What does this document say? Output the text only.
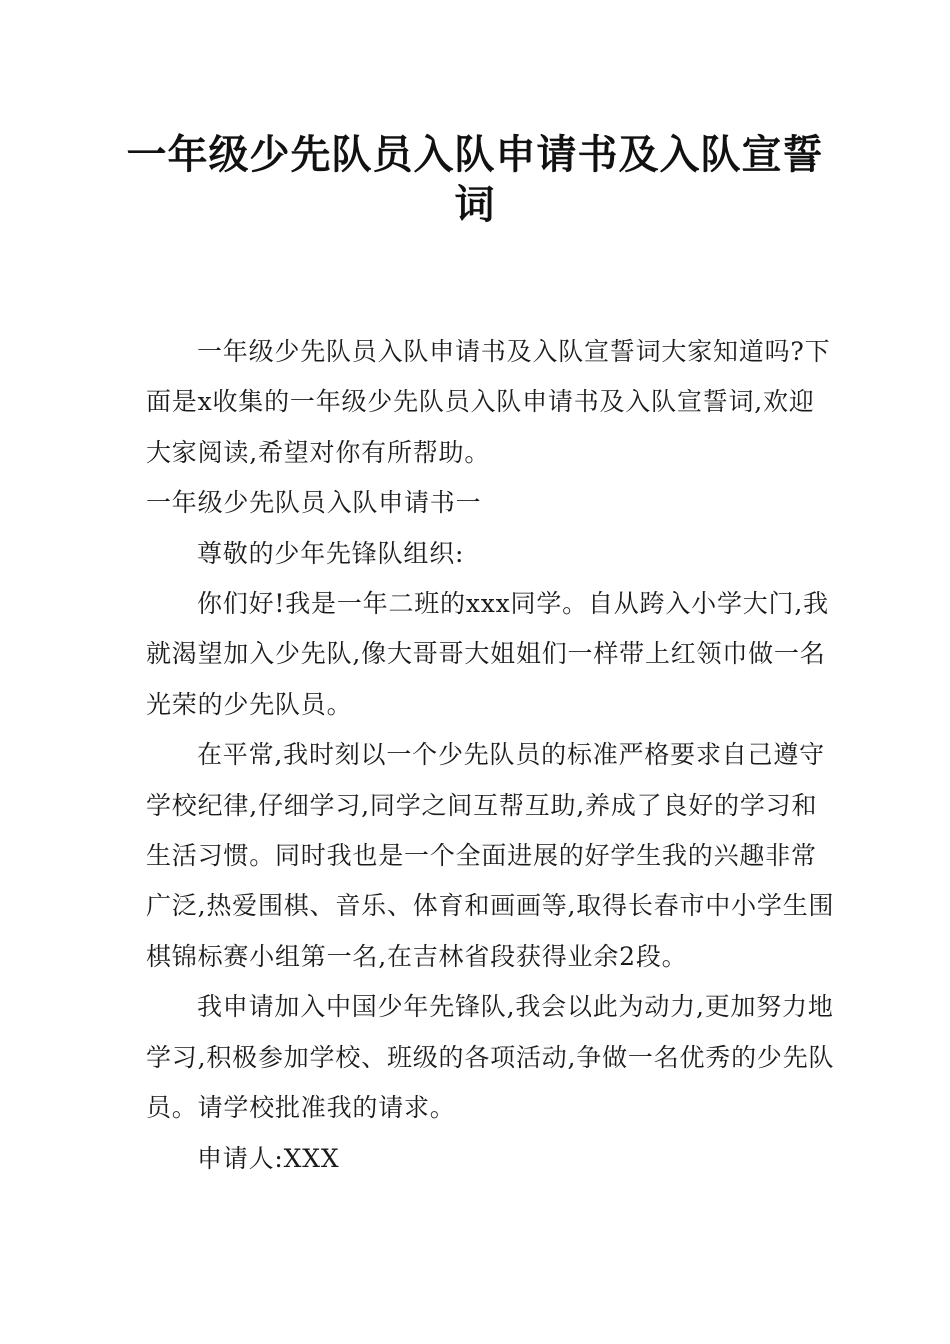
一年级少先队员入队申请书及入队宣誓词

一年级少先队员入队申请书及入队宣誓词大家知道吗?下面是x收集的一年级少先队员入队申请书及入队宣誓词,欢迎大家阅读,希望对你有所帮助。

一年级少先队员入队申请书一

尊敬的少年先锋队组织:

你们好!我是一年二班的xxx同学。自从跨入小学大门,我就渴望加入少先队,像大哥哥大姐姐们一样带上红领巾做一名光荣的少先队员。

在平常,我时刻以一个少先队员的标准严格要求自己遵守学校纪律,仔细学习,同学之间互帮互助,养成了良好的学习和生活习惯。同时我也是一个全面进展的好学生我的兴趣非常广泛,热爱围棋、音乐、体育和画画等,取得长春市中小学生围棋锦标赛小组第一名,在吉林省段获得业余2段。

我申请加入中国少年先锋队,我会以此为动力,更加努力地学习,积极参加学校、班级的各项活动,争做一名优秀的少先队员。请学校批准我的请求。

申请人:XXX
